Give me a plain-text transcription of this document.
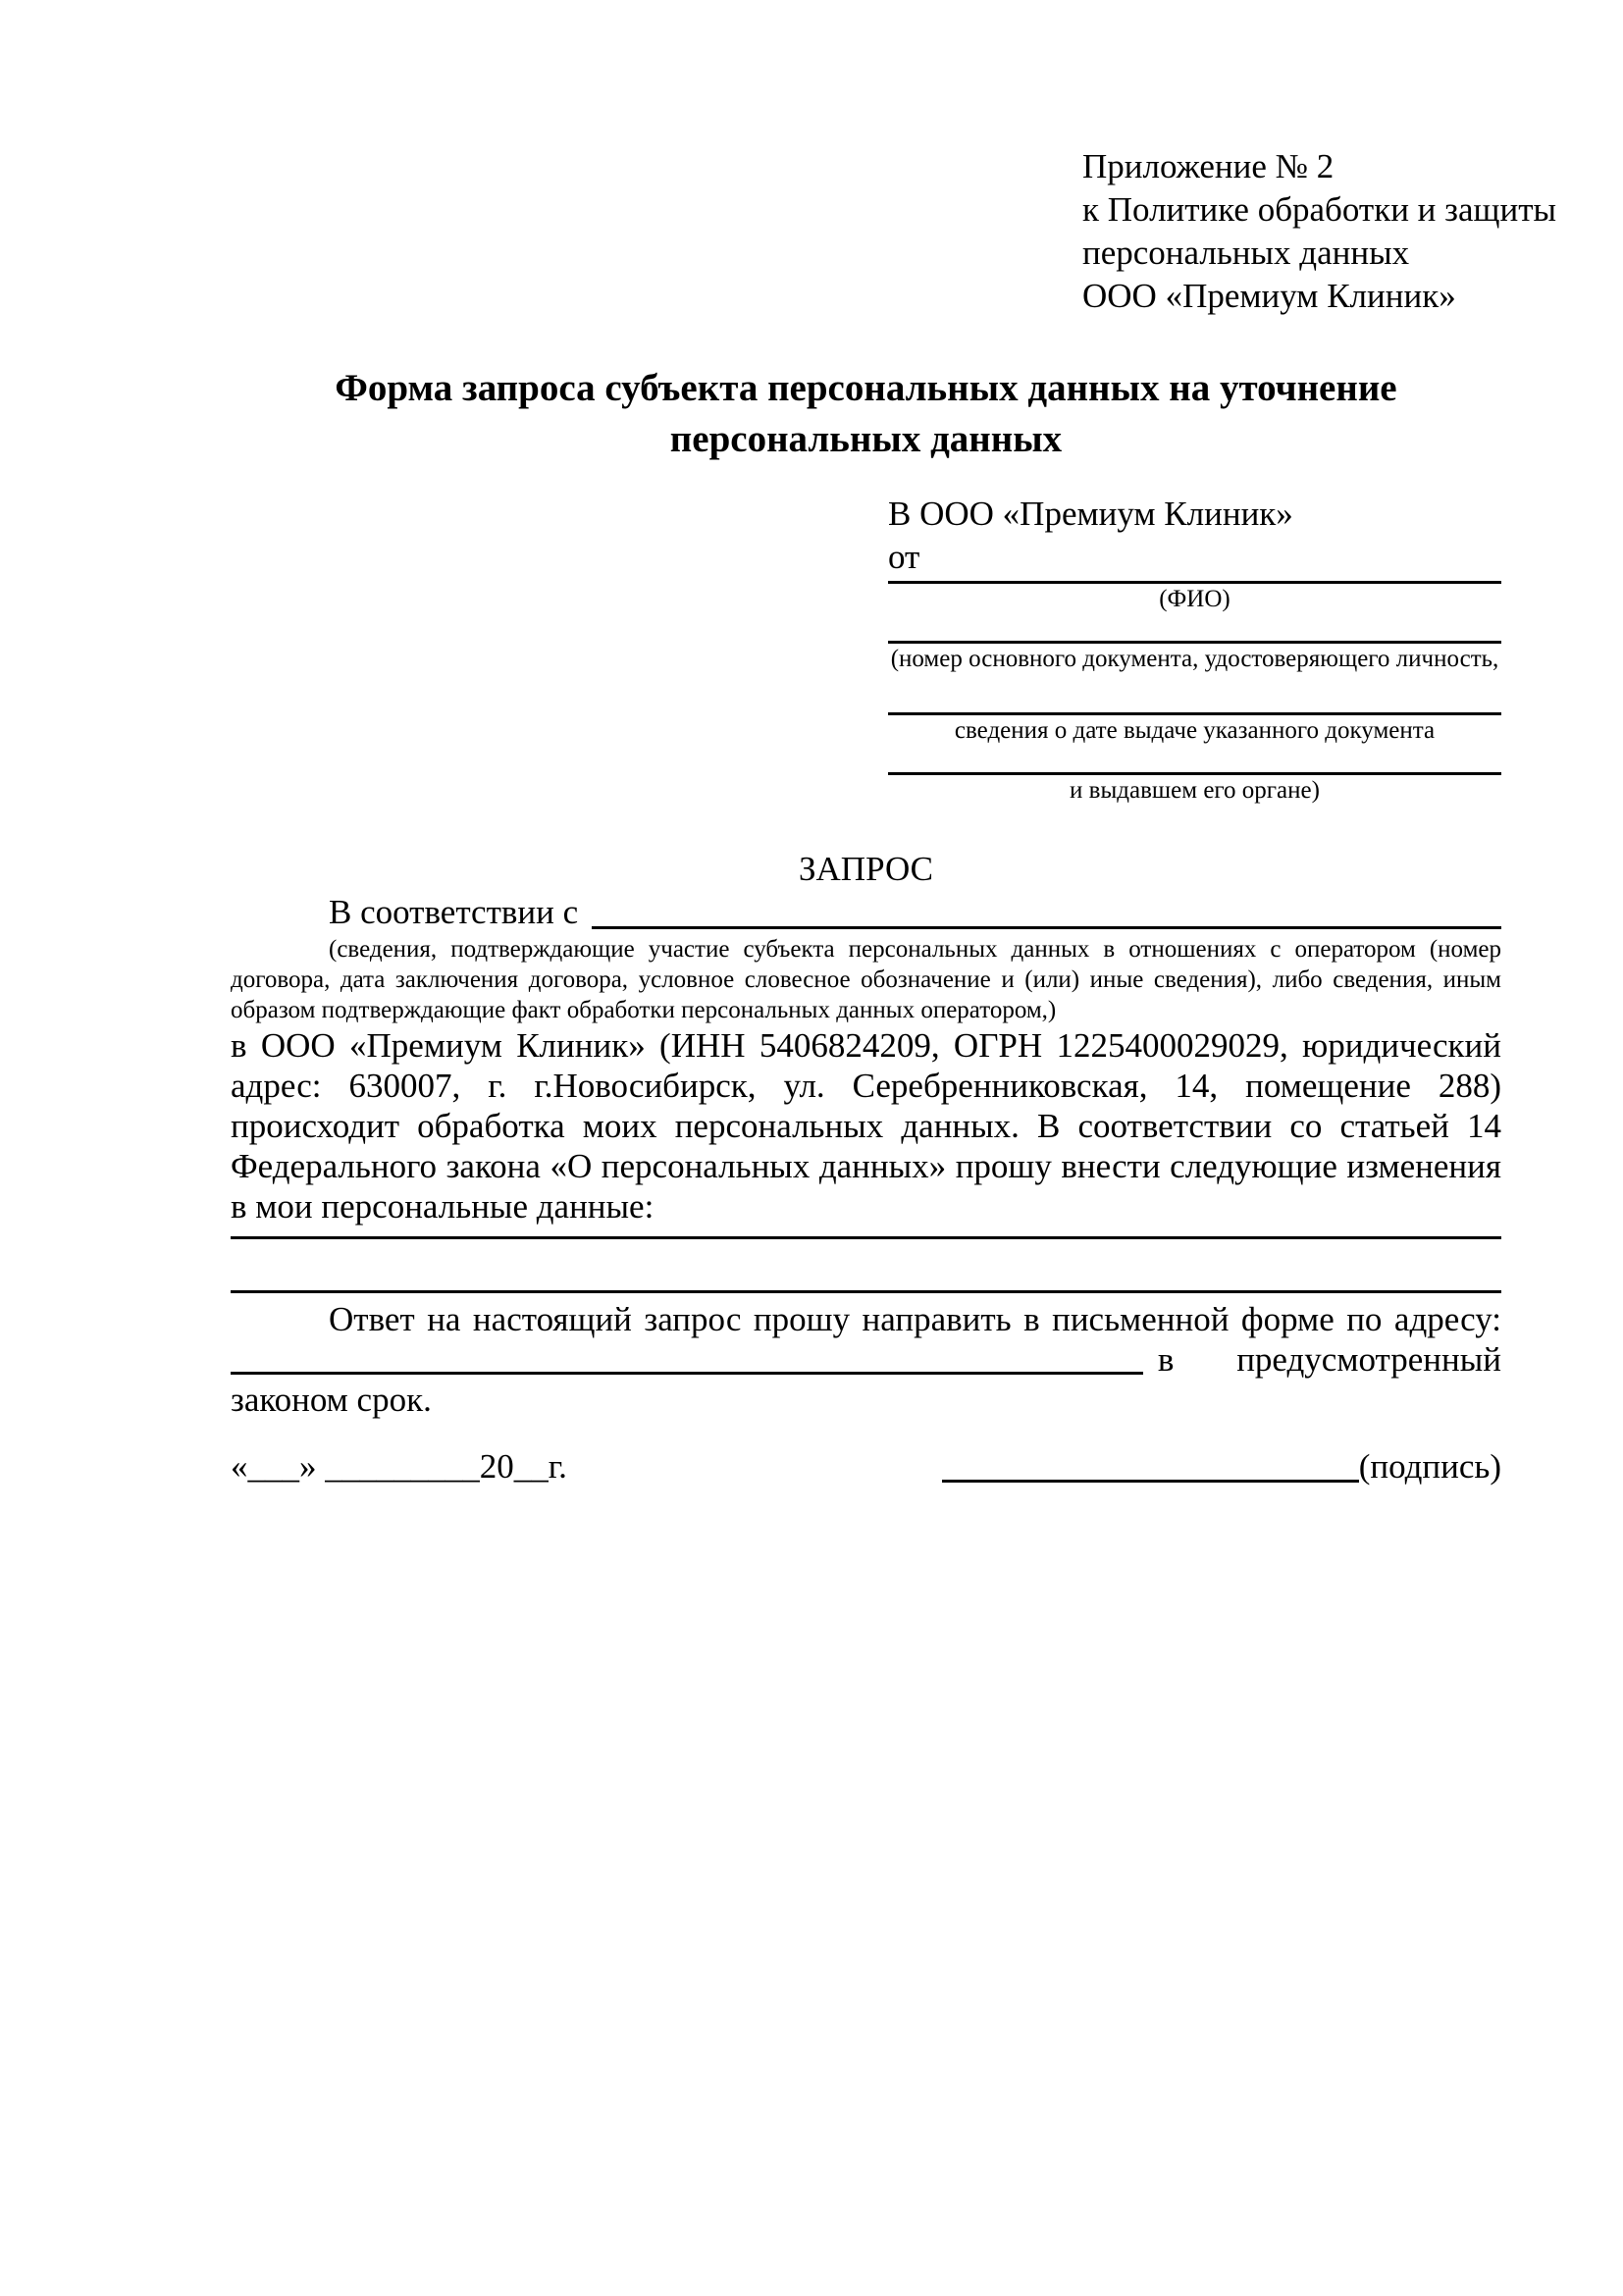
Приложение № 2
к Политике обработки и защиты
персональных данных
ООО «Премиум Клиник»
Форма запроса субъекта персональных данных на уточнение персональных данных
В ООО «Премиум Клиник»
от
(ФИО)
(номер основного документа, удостоверяющего личность,
сведения о дате выдаче указанного документа
и выдавшем его органе)
ЗАПРОС
В соответствии с
(сведения, подтверждающие участие субъекта персональных данных в отношениях с оператором (номер договора, дата заключения договора, условное словесное обозначение и (или) иные сведения), либо сведения, иным образом подтверждающие факт обработки персональных данных оператором,)
в ООО «Премиум Клиник» (ИНН 5406824209, ОГРН 1225400029029, юридический адрес: 630007, г. г.Новосибирск, ул. Серебренниковская, 14, помещение 288) происходит обработка моих персональных данных. В соответствии со статьей 14 Федерального закона «О персональных данных» прошу внести следующие изменения в мои персональные данные:
Ответ на настоящий запрос прошу направить в письменной форме по адресу:
в предусмотренный
законом срок.
«___» _________20__г.	(подпись)
